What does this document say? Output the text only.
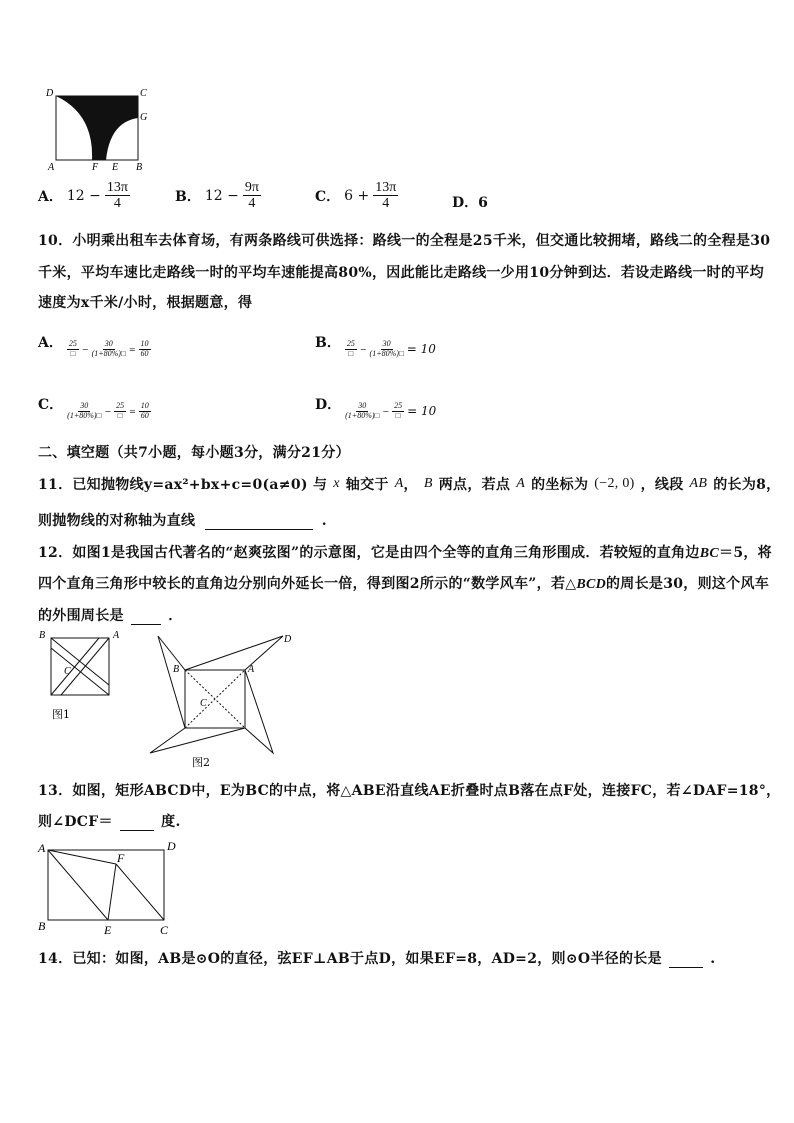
D	C
G
A	F E B
A． $12 - \frac{13\pi}{4}$	B． $12 - \frac{9\pi}{4}$	C． $6 + \frac{13\pi}{4}$	D．6
10．小明乘出租车去体育场，有两条路线可供选择：路线一的全程是25千米，但交通比较拥堵，路线二的全程是30
千米，平均车速比走路线一时的平均车速能提高80%，因此能比走路线一少用10分钟到达．若设走路线一时的平均
速度为x千米/小时，根据题意，得
A． $\frac{25}{□} - \frac{30}{(1+80\%)□} = \frac{10}{60}$	B． $\frac{25}{□} - \frac{30}{(1+80\%)□} = 10$
C． $\frac{30}{(1+80\%)□} - \frac{25}{□} = \frac{10}{60}$	D． $\frac{30}{(1+80\%)□} - \frac{25}{□} = 10$
二、填空题（共7小题，每小题3分，满分21分）
11．已知抛物线y=ax²+bx+c=0(a≠0) 与 x 轴交于 A ， B 两点，若点 A 的坐标为 (−2, 0) ，线段 AB 的长为8，
则抛物线的对称轴为直线	.
12．如图1是我国古代著名的“赵爽弦图”的示意图，它是由四个全等的直角三角形围成．若较短的直角边BC＝5，将
四个直角三角形中较长的直角边分别向外延长一倍，得到图2所示的“数学风车”，若△BCD的周长是30，则这个风车
的外围周长是	．
B	A
C
图1
B	A
C
D
图2
13．如图，矩形ABCD中，E为BC的中点，将△ABE沿直线AE折叠时点B落在点F处，连接FC，若∠DAF=18°，
则∠DCF＝	度.
A	D
F
B	E	C
14．已知：如图，AB是⊙O的直径，弦EF⊥AB于点D，如果EF=8，AD=2，则⊙O半径的长是	.
